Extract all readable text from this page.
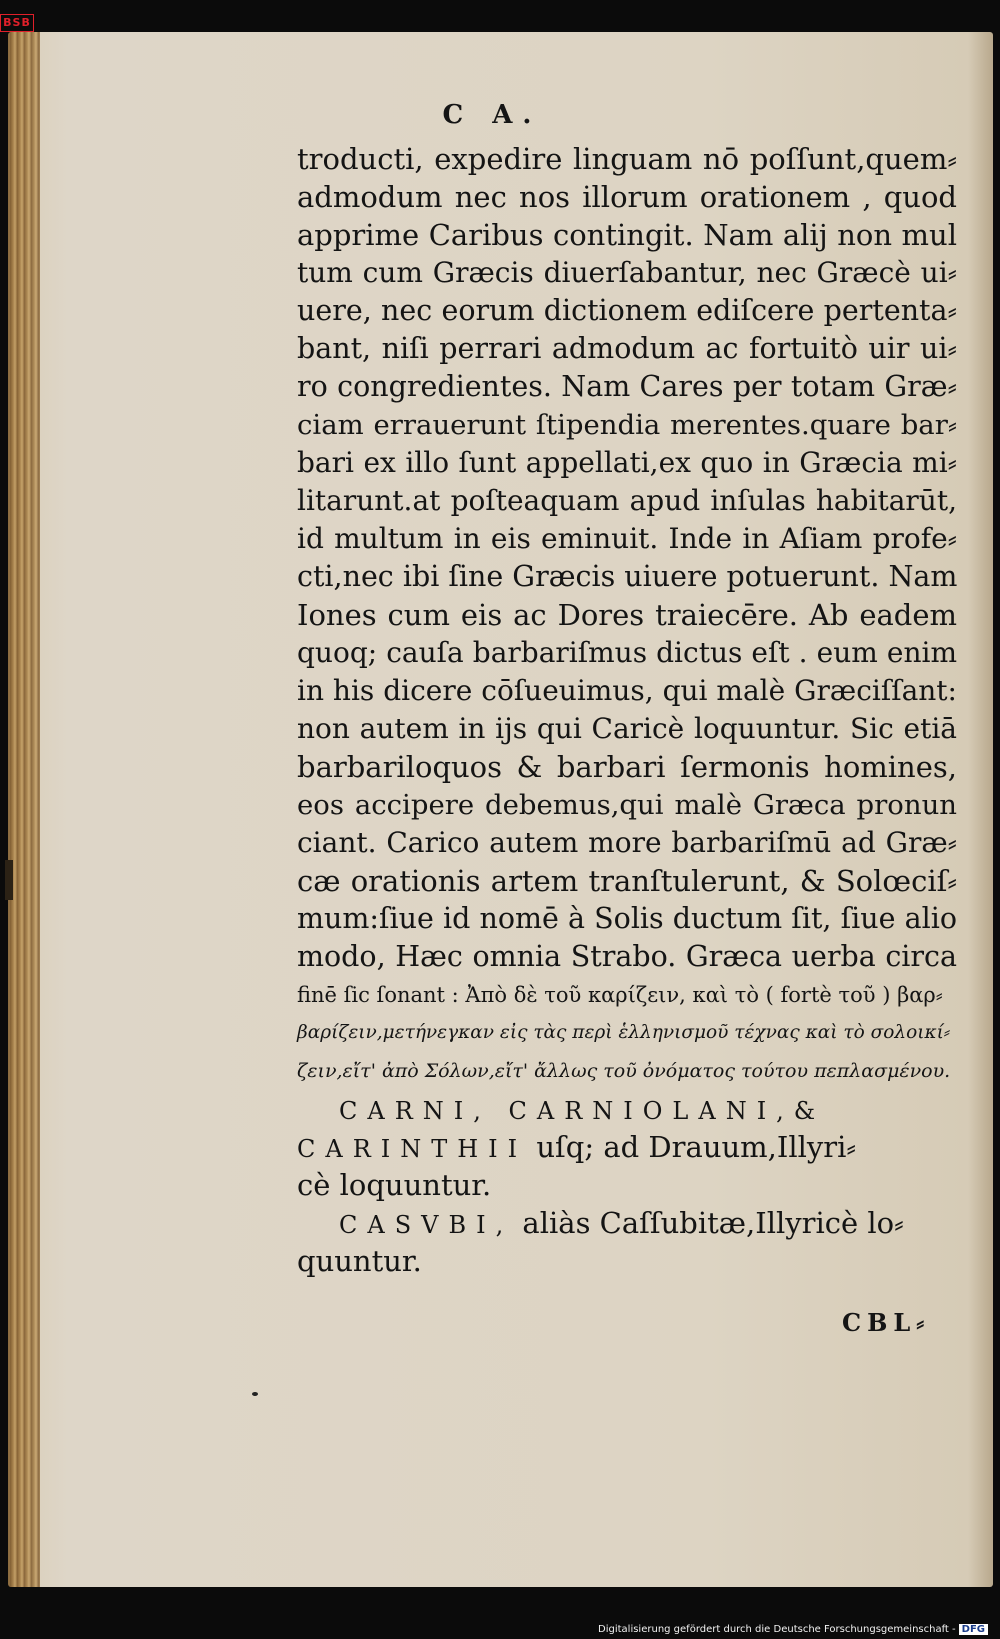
BSB
C A.
troducti, expedire linguam nō poſſunt,quem⸗
admodum nec nos illorum orationem , quod
apprime Caribus contingit. Nam alij non mul
tum cum Græcis diuerſabantur, nec Græcè ui⸗
uere, nec eorum dictionem ediſcere pertenta⸗
bant, niſi perrari admodum ac fortuitò uir ui⸗
ro congredientes. Nam Cares per totam Græ⸗
ciam errauerunt ſtipendia merentes.quare bar⸗
bari ex illo ſunt appellati,ex quo in Græcia mi⸗
litarunt.at poſteaquam apud inſulas habitarūt,
id multum in eis eminuit. Inde in Aſiam profe⸗
cti,nec ibi ſine Græcis uiuere potuerunt. Nam
Iones cum eis ac Dores traiecēre. Ab eadem
quoq; cauſa barbariſmus dictus eſt . eum enim
in his dicere cōſueuimus, qui malè Græciſſant:
non autem in ijs qui Caricè loquuntur. Sic etiā
barbariloquos & barbari ſermonis homines,
eos accipere debemus,qui malè Græca pronun
ciant. Carico autem more barbariſmū ad Græ⸗
cæ orationis artem tranſtulerunt, & Solœciſ⸗
mum:ſiue id nomē à Solis ductum ſit, ſiue alio
modo, Hæc omnia Strabo. Græca uerba circa
finē ſic ſonant : Ἀπὸ δὲ τοῦ καρίζειν, καὶ τὸ ( fortè τοῦ ) βαρ⸗
βαρίζειν,μετήνεγκαν εἰς τὰς περὶ ἑλληνισμοῦ τέχνας καὶ τὸ σολοικί⸗
ζειν,εἴτ' ἀπὸ Σόλων,εἴτ' ἄλλως τοῦ ὀνόματος τούτου πεπλασμένου.
CARNI, CARNIOLANI,&
CARINTHII uſq; ad Drauum,Illyri⸗
cè loquuntur.
CASVBI, aliàs Caſſubitæ,Illyricè lo⸗
quuntur.
CBL⸗
Digitalisierung gefördert durch die Deutsche Forschungsgemeinschaft - DFG
